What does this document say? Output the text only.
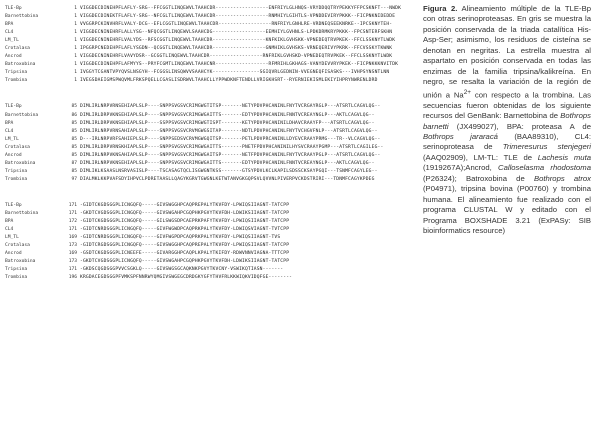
TLE-Bp	1 VIGGDECDINEHPFLAFLY-SRG--FFCGGTLINQEWVLTAAHCDR------------------ENFRIYLGLHNQS-VRYDDQQTRYPEKKYFFPCSKNFT---NWDK
Barnettobina	1 VIGGDECDINEKTFLAFLY-SRG--NFCGLTLINQEWVLTAAHCDR------------------RNMHIYLGIHTLS-VPNDDEVIRYPKKK--FICPNKNIDEDDE
BPA	1 VVGGRPCKINVHRFLVALY-DCG--EFLCGGTLINQEWVLTAAHCDR------------------RNFRIYLGNHLRE-VRDNEQSEEKNRKE--IPCSKNYTEH-
CL4	1 VIGGDECNINEHRFLALLYSG--NFQCGGTLINQEWVLSAAHCDG------------------EEMHIYLGVHNLS-LPDKDRMKRYPKKK--FPCSNTERFSKHN
LM_TL	1 VIGGDECNINEHRFLVALYDS--RFSCGGTLINQEWVLTAAHCDR------------------KNFKIKLGVHSKK-VPNEDEQTRVPKEK--FFCLSSKNYTLWDK
Crotalasa	1 IPGGRPCNEDEHPFLAFLYSGDN--QCGGTLINQEWVLTAAHCDR------------------GNMHIKLGVHSKS-VRNEQERIVYPKRK--FFCVSSKYTKWNK
Ancrod	1 VIGGDECNINEHRFLVAVYDSR--GCGGTLINQEWVLTAAHCDR------------------RNFRIKLGVHSKD-VPNEDEQTRVPKEK--FFCLSSKNYTLWDK
Batroxobina	1 VIGGDECDINEHPFLAFMYYS--PRYFCGMTLINQEWVLTAAHCNR------------------RFMRIHLGKHAGS-VANYDEVVRYPKEK--FICPNKKKNVITDK
Tripsina	1 IVGGYTCGANTVPYQVSLNSGYH--FCGGSLINSQWVVSAAHCYK----------------SGIQVRLGEDNIN-VVEGNEQFISASKS---IVHPSYNSNTLNN
Trombina	1 IVEGSDAEIGMSPWQVMLFRKSPQELLCGASLISDRWVLTAAHCLLYPPWDKNFTENDLLVRIGKHSRT--RYERNIEKISMLEKIYIHPRYNWRENLDRD
TLE-Bp	85 DIMLIRLNRPVRNSEHIAPLSLP----SNPPSVGSVCRIMGWGTITSP-------NETYPDVPHCANINLFNYTVCRGAYRGLP---ATSRTLCAGVLQG--
Barnettobina	86 DIMLIRLDRPVKNSEHIAPLSLP----SNPPSVGSVCRIMGWGAITTS-------EDTYPDVPHCANINLFNNTVCREAYNGLP---AKTLCAGVLQG--
BPA	85 DIMLIRLDRPVKNSEHIAPLSLP----SSPPSVGSVCRIMGWGTISPT-------KETYPDVPHCANINILDHAVCRAAYFP---ATSRTLCAGVLQG--
CL4	85 DIMLIRLNRPVRNSAHIAPLSLP----SNPPSVGSVCRVMGWGSITAP-------NDTLPDVPHCANINLFNYTVCHGVFNLP---ATSRTLCAGVLQG--
LM_TL	85 D---IRLNRPVRFSAHIEPLSLP----SNPPSEDSVCRVMGWGQITSP-------PETLPDVPRCANINLLDYEVCRAAYPRMG---TR--VLCAGVLQG--
Crotalasa	85 DIMLIRLDRPVRNSKHIAPLSLP----SNPPSVGSVCRIMGWGAITTS-------PNETFPDVPHCANINILHYSVCRAAYPGMP---ATSRTLCAGILEG--
Ancrod	85 DIMLIRLNRPVKNSAHIAPLSLP----SNPPSVGSVCRIMGWGAITSP-------NETFPDVPHCANINLFNYTVCRAAYPGLP---ATSRTLCAGVLQG--
Batroxobina	87 DIMLIRLNRPVKNSEHIAPLSLP----SNPPSVGSVCRIMGWGAITTS-------EDTYPDVPHCANINLFNNTVCREAYNGLP---AKTLCAGVLQG--
Tripsina	85 DIMLIKLKSAASLNSRVASISLP----TSCASAGTQCLISGWGNTKSS-------GTSYPDVLKCLKAPILSDSSCKSAYPGQI---TSNMFCAGYLEG--
Trombina	97 DIALMKLKKPVAFSDYIHPVCLPDRETAASLLQAGYKGRVTGWGNLKETWTANVGKGQPSVLQVVNLPIVERPVCKDSTRIRI---TDNMFCAGYKPDEG
TLE-Bp	171 -GIDTCKGDSGGPLICNGQFQ-----GIVSWGGHPCAQPREPALYTKVFDY-LPWIQSIIAGNT-TATCPP
Barnettobina	171 -GKDTCVGDSGGPLICNGQFQ-----GIVSWGAHPCGQPHKPGVYTKVFDH-LDWIKSIIAGNT-TATCPP
BPA	172 -GIDTCKGDSGGPLICNGQFQ-----GILSWGSDPCAEPRKPAFYTKVFDY-LPWIQSIIAGNT-TATCPP
CL4	171 -GIDTCNRDSGGPLICNGQFQ-----GIVFWGWDPCAQPRKPALYTKVFDY-LDWIQSVIAGNT-TVTCPP
LM_TL	169 -GIDTCNRDSGGPLICNGQFQ-----GIVFWGPDPCAQPRKPALYTKVFDY-LPWIQSIIAGNT-TVS
Crotalasa	173 -GIDTCRGDSGGPLICNGQFQ-----GIVSWGGHPCAQPREPALYTKVFDY-LPWIQSIIAGNT-TATCPP
Ancrod	169 -GSDTCKGDSGGPLICNEEFE-----GIVARGGHPCAQPLKPALYTKIFDY-RDWVNNVIAGNA-TTTCPP
Batroxobina	173 -GKDTCVGDSGGPLICNGQFQ-----GIVSWGAHPCGQPHKPGVYTKVFDH-LDWIKSIIAGNT-TATCPP
Tripsina	171 -GKDSCQGDSGGPVVCSGKLQ-----GIVSWGSGCAQKNKPGVYTKVCNY-VSWIKQTIASN-------
Trombina	196 KRGDACEGDSGGPFVMKSPFNNRWYQMGIVSWGEGCDRDGKYGFYTHVFRLKKWIQKVIDQFGE--------
Figura 2. Alineamiento múltiple de la TLE-Bp con otras serinoproteasas. En gris se muestra la posición conservada de la triada catalítica His-Asp-Ser; asimismo, los residuos de cisteína se denotan en negritas. La estrella muestra al aspartato en posición conservada en todas las enzimas de la familia tripsina/kalikreína. En negro, se resalta la variación de la región de unión a $Na^{2+}$ con respecto a la trombina. Las secuencias fueron obtenidas de los siguiente recursos del GenBank: Barnettobina de Bothrops barnetti (JX499027), BPA: proteasa A de Bothrops jararacá (BAA89310), CL4: serinoproteasa de Trimeresurus stenjegeri (AAQ02909), LM-TL: TLE de Lachesis muta (1919267A);Ancrod, Calloselasma rhodostoma (P26324); Batroxobina de Bothrops atrox (P04971), tripsina bovina (P00760) y trombina humana. El alineamiento fue realizado con el programa CLUSTAL W y editado con el Programa BOXSHADE 3.21 (ExPASy: SIB bioinformatics resource)
